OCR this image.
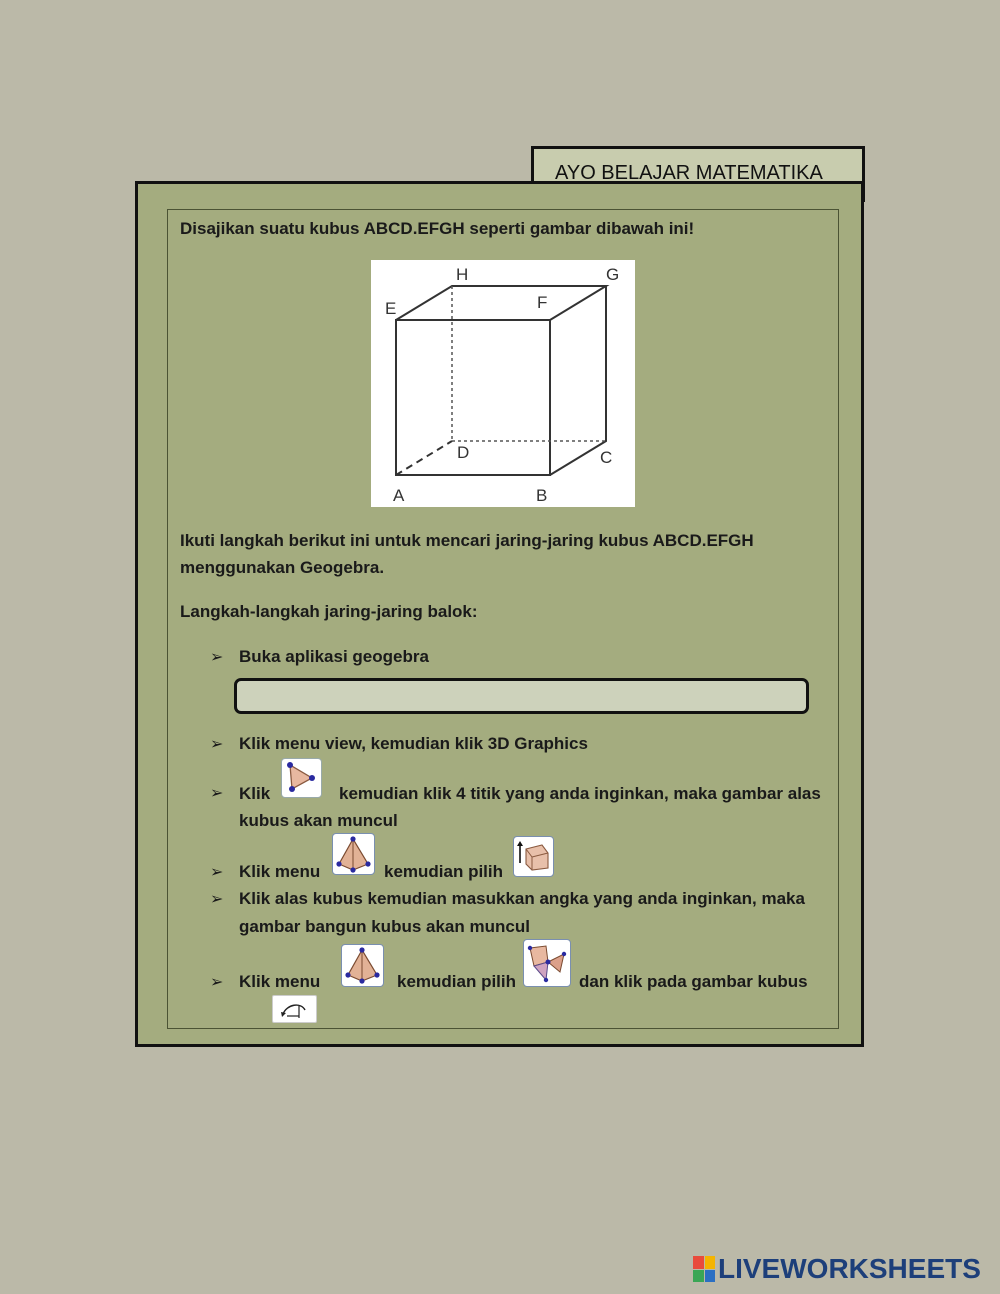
AYO BELAJAR MATEMATIKA
Disajikan suatu kubus ABCD.EFGH seperti gambar dibawah ini!
H	G
E	F
D	C
A	B
Ikuti langkah berikut ini untuk mencari jaring-jaring kubus ABCD.EFGH
menggunakan Geogebra.
Langkah-langkah jaring-jaring balok:
➢ Buka aplikasi geogebra
➢ Klik menu view, kemudian klik 3D Graphics
➢ Klik	kemudian klik 4 titik yang anda inginkan, maka gambar alas
kubus akan muncul
➢ Klik menu	kemudian pilih
➢ Klik alas kubus kemudian masukkan angka yang anda inginkan, maka
gambar bangun kubus akan muncul
➢ Klik menu	kemudian pilih	dan klik pada gambar kubus
LIVEWORKSHEETS
